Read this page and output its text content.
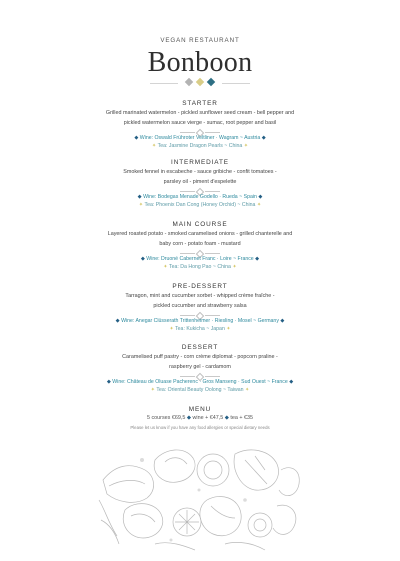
VEGAN RESTAURANT
Bonboon
STARTER
Grilled marinated watermelon - pickled sunflower seed cream - bell pepper and
pickled watermelon sauce vierge - sumac, root pepper and basil
◆ Wine: Oswald Frühroter Veltliner · Wagram ~ Austria ◆
✦ Tea: Jasmine Dragon Pearls ~ China ✦
INTERMEDIATE
Smoked fennel in escabeche - sauce gribiche - confit tomatoes -
parsley oil - piment d'espelette
◆ Wine: Bodegas Menade Godello · Rueda ~ Spain ◆
✦ Tea: Phoenix Dan Cong (Honey Orchid) ~ China ✦
MAIN COURSE
Layered roasted potato - smoked caramelised onions - grilled chanterelle and
baby corn - potato foam - mustard
◆ Wine: Druoné Cabernet Franc · Loire ~ France ◆
✦ Tea: Da Hong Pao ~ China ✦
PRE-DESSERT
Tarragon, mint and cucumber sorbet - whipped crème fraîche -
pickled cucumber and strawberry salsa
◆ Wine: Anegar Clüsserath Trittenheimer · Riesling · Mosel ~ Germany ◆
✦ Tea: Kukicha ~ Japan ✦
DESSERT
Caramelised puff pastry - corn crème diplomat - popcorn praline -
raspberry gel - cardamom
◆ Wine: Château de Oluase Pacherenc · Gros Manseng · Sud Ouest ~ France ◆
✦ Tea: Oriental Beauty Oolong ~ Taiwan ✦
MENU
5 courses €69,5 ◆ wine + €47,5 ◆ tea + €35
Please let us know if you have any food allergies or special dietary needs
